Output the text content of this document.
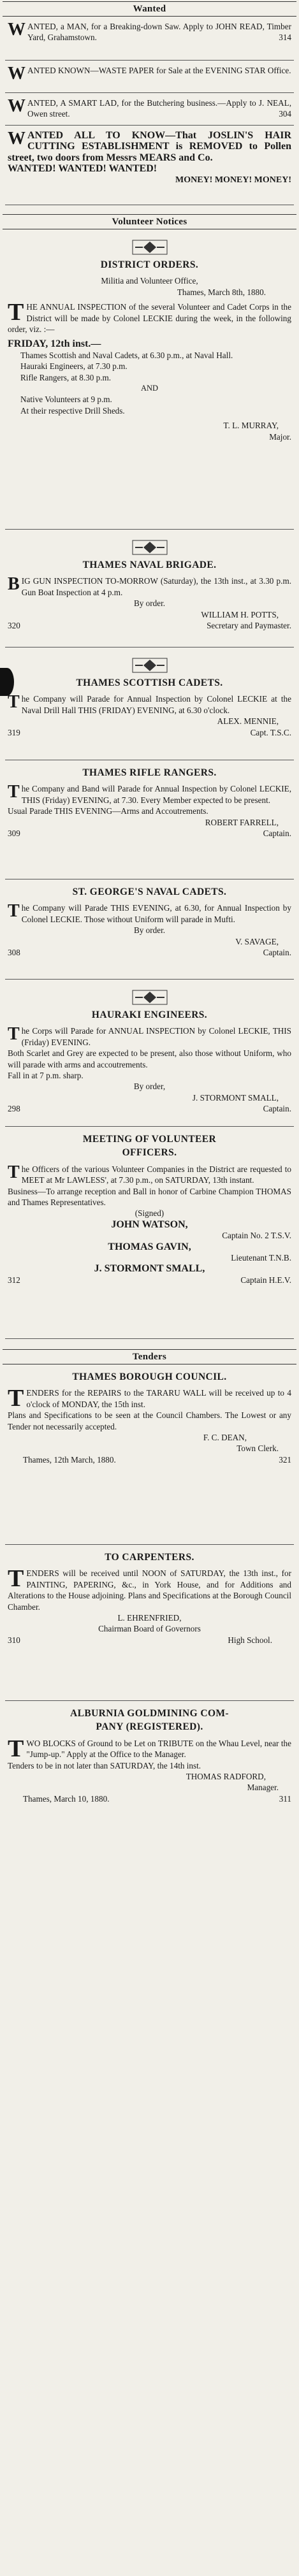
Wanted
WANTED, a MAN, for a Breaking-down Saw. Apply to JOHN READ, Timber Yard, Grahamstown.	314
WANTED KNOWN—WASTE PAPER for Sale at the EVENING STAR Office.
WANTED, A SMART LAD, for the Butchering business.—Apply to J. NEAL, Owen street.	304
WANTED ALL TO KNOW—That JOSLIN'S HAIR CUTTING ESTABLISHMENT is REMOVED to Pollen street, two doors from Messrs MEARS and Co.

WANTED! WANTED! WANTED!

MONEY! MONEY! MONEY!

Volunteer Notices
DISTRICT ORDERS.

Militia and Volunteer Office,

Thames, March 8th, 1880.

T HE ANNUAL INSPECTION of the several Volunteer and Cadet Corps in the District will be made by Colonel LECKIE during the week, in the following order, viz. :—

FRIDAY, 12th inst.—

Thames Scottish and Naval Cadets, at 6.30 p.m., at Naval Hall.

Hauraki Engineers, at 7.30 p.m.

Rifle Rangers, at 8.30 p.m.

AND

Native Volunteers at 9 p.m.

At their respective Drill Sheds.

T. L. MURRAY,

Major.

THAMES NAVAL BRIGADE.
B IG GUN INSPECTION TO-MORROW (Saturday), the 13th inst., at 3.30 p.m. Gun Boat Inspection at 4 p.m.

By order.

WILLIAM H. POTTS,

320	Secretary and Paymaster.
THAMES SCOTTISH CADETS.
T he Company will Parade for Annual Inspection by Colonel LECKIE at the Naval Drill Hall THIS (FRIDAY) EVENING, at 6.30 o'clock.

ALEX. MENNIE,

319	Capt. T.S.C.
THAMES RIFLE RANGERS.
T he Company and Band will Parade for Annual Inspection by Colonel LECKIE, THIS (Friday) EVENING, at 7.30. Every Member expected to be present.

Usual Parade THIS EVENING—Arms and Accoutrements.

ROBERT FARRELL,

309	Captain.
ST. GEORGE'S NAVAL CADETS.
T he Company will Parade THIS EVENING, at 6.30, for Annual Inspection by Colonel LECKIE. Those without Uniform will parade in Mufti.

By order.

V. SAVAGE,

308	Captain.
HAURAKI ENGINEERS.
T he Corps will Parade for ANNUAL INSPECTION by Colonel LECKIE, THIS (Friday) EVENING.

Both Scarlet and Grey are expected to be present, also those without Uniform, who will parade with arms and accoutrements.

Fall in at 7 p.m. sharp.

By order,

J. STORMONT SMALL,

298	Captain.
MEETING OF VOLUNTEER
OFFICERS.
T he Officers of the various Volunteer Companies in the District are requested to MEET at Mr LAWLESS', at 7.30 p.m., on SATURDAY, 13th instant.

Business—To arrange reception and Ball in honor of Carbine Champion THOMAS and Thames Representatives.

(Signed)

JOHN WATSON,

Captain No. 2 T.S.V.

THOMAS GAVIN,

Lieutenant T.N.B.

J. STORMONT SMALL,

312	Captain H.E.V.
Tenders
THAMES BOROUGH COUNCIL.
T ENDERS for the REPAIRS to the TARARU WALL will be received up to 4 o'clock of MONDAY, the 15th inst.

Plans and Specifications to be seen at the Council Chambers. The Lowest or any Tender not necessarily accepted.

F. C. DEAN,

Town Clerk.

Thames, 12th March, 1880.	321
TO CARPENTERS.
T ENDERS will be received until NOON of SATURDAY, the 13th inst., for PAINTING, PAPERING, &c., in York House, and for Additions and Alterations to the House adjoining. Plans and Specifications at the Borough Council Chamber.

L. EHRENFRIED,

Chairman Board of Governors

310	High School.
ALBURNIA GOLDMINING COM-
PANY (REGISTERED).
T WO BLOCKS of Ground to be Let on TRIBUTE on the Whau Level, near the "Jump-up." Apply at the Office to the Manager.

Tenders to be in not later than SATURDAY, the 14th inst.

THOMAS RADFORD,

Manager.

Thames, March 10, 1880.	311
